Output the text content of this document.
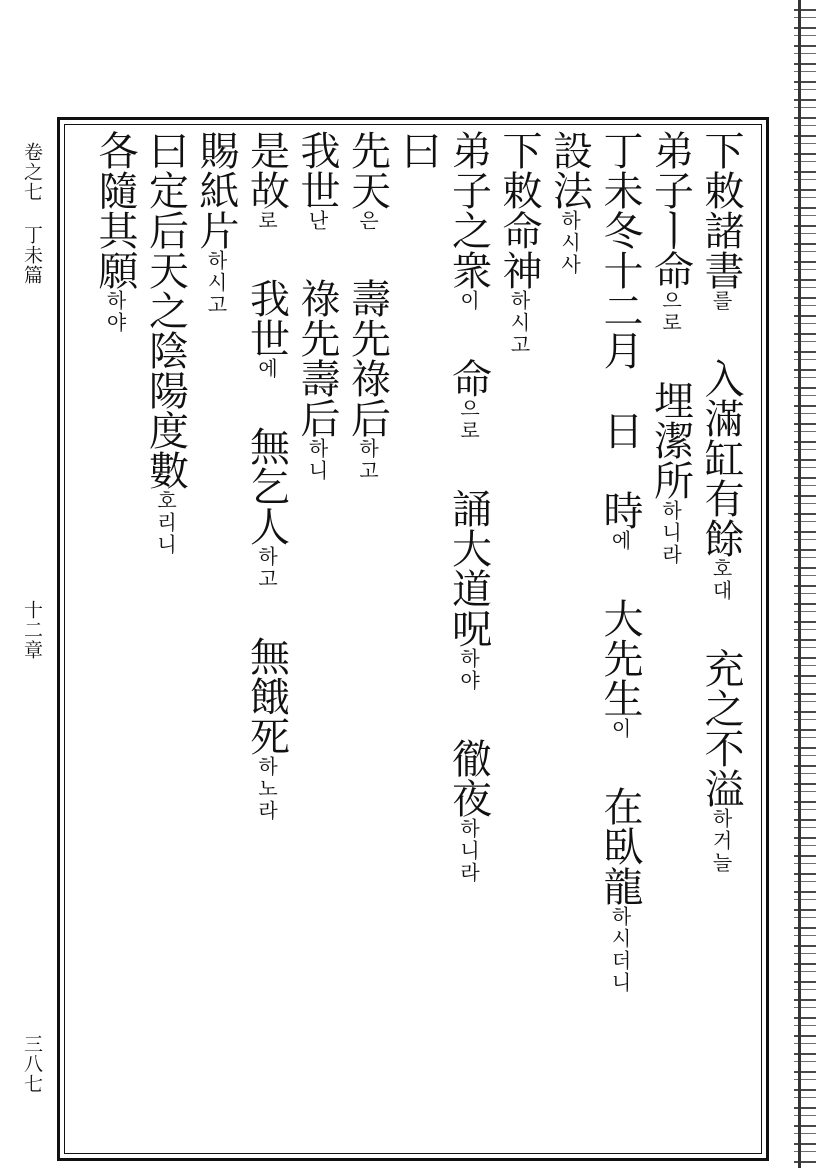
卷之七 丁未篇
十二章
三八七
下敕諸書를 入滿缸有餘호대 充之不溢하거늘
弟子ㅣ命으로 埋潔所하니라
丁未冬十二月　日　時에 大先生이 在臥龍하시더니
設法하시사
下敕命神하시고
弟子之衆이 命으로 誦大道呪하야 徹夜하니라
曰
先天은 壽先祿后하고
我世난 祿先壽后하니
是故로 我世에 無乞人하고 無餓死하노라
賜紙片하시고
曰定后天之陰陽度數호리니
各隨其願하야
